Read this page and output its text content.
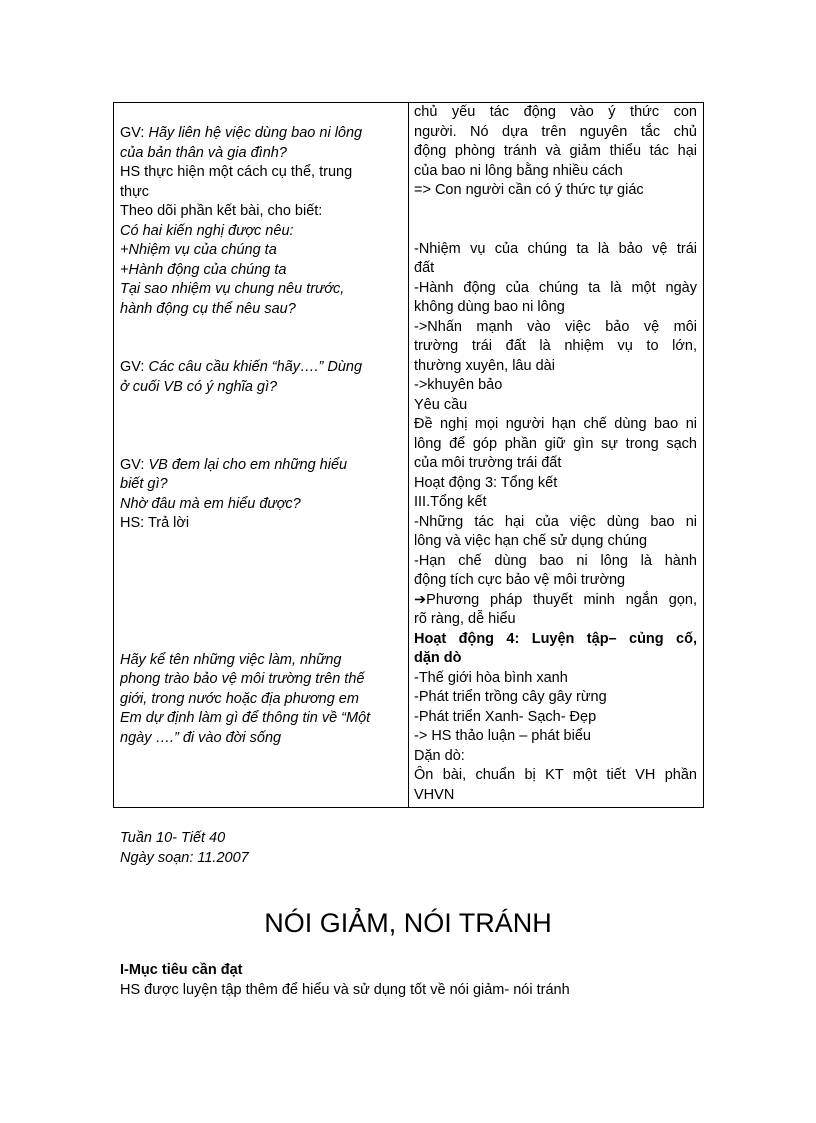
GV: Hãy liên hệ việc dùng bao ni lông
của bản thân và gia đình?
HS thực hiện một cách cụ thể, trung
thực
Theo dõi phần kết bài, cho biết:
Có hai kiến nghị được nêu:
+Nhiệm vụ của chúng ta
+Hành động của chúng ta
Tại sao nhiệm vụ chung nêu trước,
hành động cụ thể nêu sau?
GV: Các câu cầu khiến “hãy….” Dùng
ở cuối VB có ý nghĩa gì?
GV: VB đem lại cho em những hiểu
biết gì?
Nhờ đâu mà em hiểu được?
HS: Trả lời
Hãy kể tên những việc làm, những
phong trào bảo vệ môi trường trên thế
giới, trong nước hoặc địa phương em
Em dự định làm gì để thông tin về “Một
ngày ….” đi vào đời sống
chủ yếu tác động vào ý thức con
người. Nó dựa trên nguyên tắc chủ
động phòng tránh và giảm thiểu tác hại
của bao ni lông bằng nhiều cách
=> Con người cần có ý thức tự giác
-Nhiệm vụ của chúng ta là bảo vệ trái
đất
-Hành động của chúng ta là một ngày
không dùng bao ni lông
->Nhấn mạnh vào việc bảo vệ môi
trường trái đất là nhiệm vụ to lớn,
thường xuyên, lâu dài
->khuyên bảo
Yêu cầu
Đề nghị mọi người hạn chế dùng bao ni
lông để góp phần giữ gìn sự trong sạch
của môi trường trái đất
Hoạt động 3: Tổng kết
III.Tổng kết
-Những tác hại của việc dùng bao ni
lông và việc hạn chế sử dụng chúng
-Hạn chế dùng bao ni lông là hành
động tích cực bảo vệ môi trường
➔Phương pháp thuyết minh ngắn gọn,
rõ ràng, dễ hiểu
Hoạt động 4: Luyện tập– củng cố,
dặn dò
-Thế giới hòa bình xanh
-Phát triển trồng cây gây rừng
-Phát triển Xanh- Sạch- Đẹp
-> HS thảo luận – phát biểu
Dặn dò:
Ôn bài, chuẩn bị KT một tiết VH phần
VHVN
Tuần 10- Tiết 40
Ngày soạn: 11.2007
NÓI GIẢM, NÓI TRÁNH
I-Mục tiêu cần đạt
HS được luyện tập thêm để hiểu và sử dụng tốt về nói giảm- nói tránh
